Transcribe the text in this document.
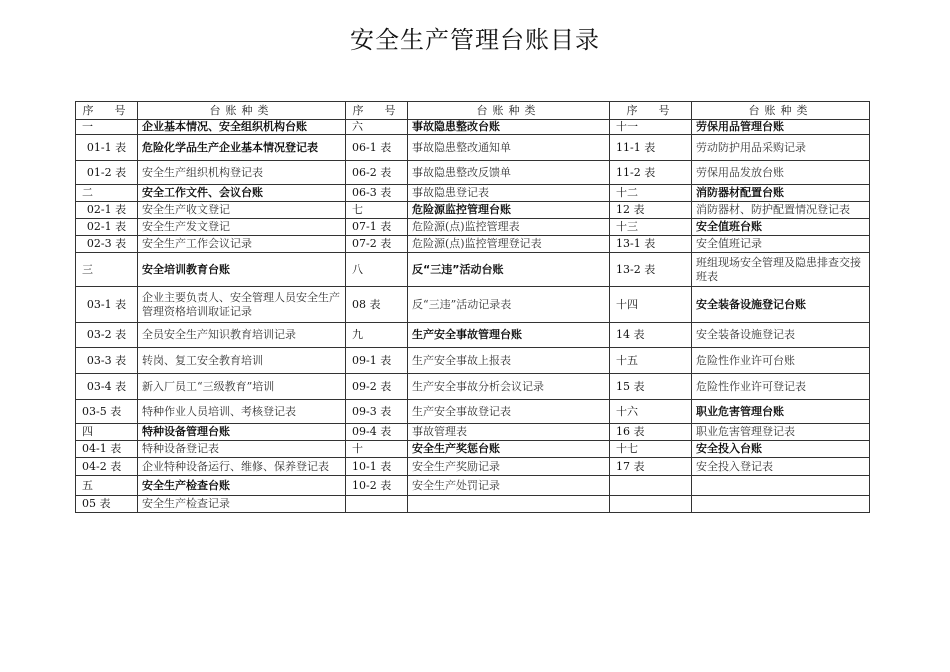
安全生产管理台账目录
序　号	台账种类	序　号	台账种类	序　号	台账种类
一	企业基本情况、安全组织机构台账	六	事故隐患整改台账	十一	劳保用品管理台账
01-1 表	危险化学品生产企业基本情况登记表	06-1 表	事故隐患整改通知单	11-1 表	劳动防护用品采购记录
01-2 表	安全生产组织机构登记表	06-2 表	事故隐患整改反馈单	11-2 表	劳保用品发放台账
二	安全工作文件、会议台账	06-3 表	事故隐患登记表	十二	消防器材配置台账
02-1 表	安全生产收文登记	七	危险源监控管理台账	12 表	消防器材、防护配置情况登记表
02-1 表	安全生产发文登记	07-1 表	危险源(点)监控管理表	十三	安全值班台账
02-3 表	安全生产工作会议记录	07-2 表	危险源(点)监控管理登记表	13-1 表	安全值班记录
三	安全培训教育台账	八	反“三违”活动台账	13-2 表	班组现场安全管理及隐患排查交接班表
03-1 表	企业主要负责人、安全管理人员安全生产管理资格培训取证记录	08 表	反“三违”活动记录表	十四	安全装备设施登记台账
03-2 表	全员安全生产知识教育培训记录	九	生产安全事故管理台账	14 表	安全装备设施登记表
03-3 表	转岗、复工安全教育培训	09-1 表	生产安全事故上报表	十五	危险性作业许可台账
03-4 表	新入厂员工“三级教育”培训	09-2 表	生产安全事故分析会议记录	15 表	危险性作业许可登记表
03-5 表	特种作业人员培训、考核登记表	09-3 表	生产安全事故登记表	十六	职业危害管理台账
四	特种设备管理台账	09-4 表	事故管理表	16 表	职业危害管理登记表
04-1 表	特种设备登记表	十	安全生产奖惩台账	十七	安全投入台账
04-2 表	企业特种设备运行、维修、保养登记表	10-1 表	安全生产奖励记录	17 表	安全投入登记表
五	安全生产检查台账	10-2 表	安全生产处罚记录		
05 表	安全生产检查记录				
